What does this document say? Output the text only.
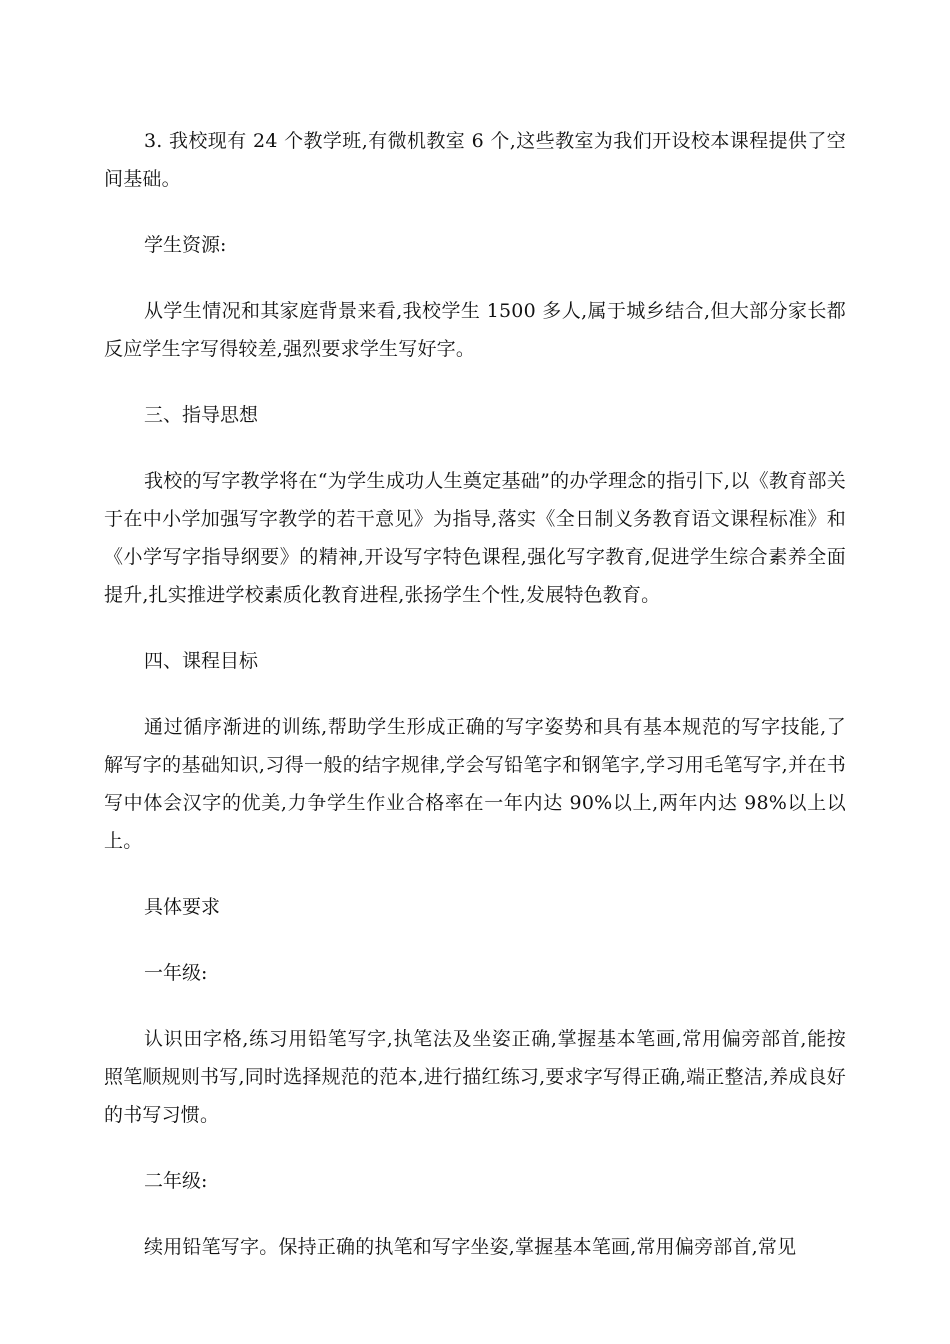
3. 我校现有 24 个教学班,有微机教室 6 个,这些教室为我们开设校本课程提供了空间基础。

学生资源:

从学生情况和其家庭背景来看,我校学生 1500 多人,属于城乡结合,但大部分家长都反应学生字写得较差,强烈要求学生写好字。

三、指导思想

我校的写字教学将在“为学生成功人生奠定基础”的办学理念的指引下,以《教育部关于在中小学加强写字教学的若干意见》为指导,落实《全日制义务教育语文课程标准》和《小学写字指导纲要》的精神,开设写字特色课程,强化写字教育,促进学生综合素养全面提升,扎实推进学校素质化教育进程,张扬学生个性,发展特色教育。

四、课程目标

通过循序渐进的训练,帮助学生形成正确的写字姿势和具有基本规范的写字技能,了解写字的基础知识,习得一般的结字规律,学会写铅笔字和钢笔字,学习用毛笔写字,并在书写中体会汉字的优美,力争学生作业合格率在一年内达 90%以上,两年内达 98%以上以上。

具体要求

一年级:

认识田字格,练习用铅笔写字,执笔法及坐姿正确,掌握基本笔画,常用偏旁部首,能按照笔顺规则书写,同时选择规范的范本,进行描红练习,要求字写得正确,端正整洁,养成良好的书写习惯。

二年级:

续用铅笔写字。保持正确的执笔和写字坐姿,掌握基本笔画,常用偏旁部首,常见
